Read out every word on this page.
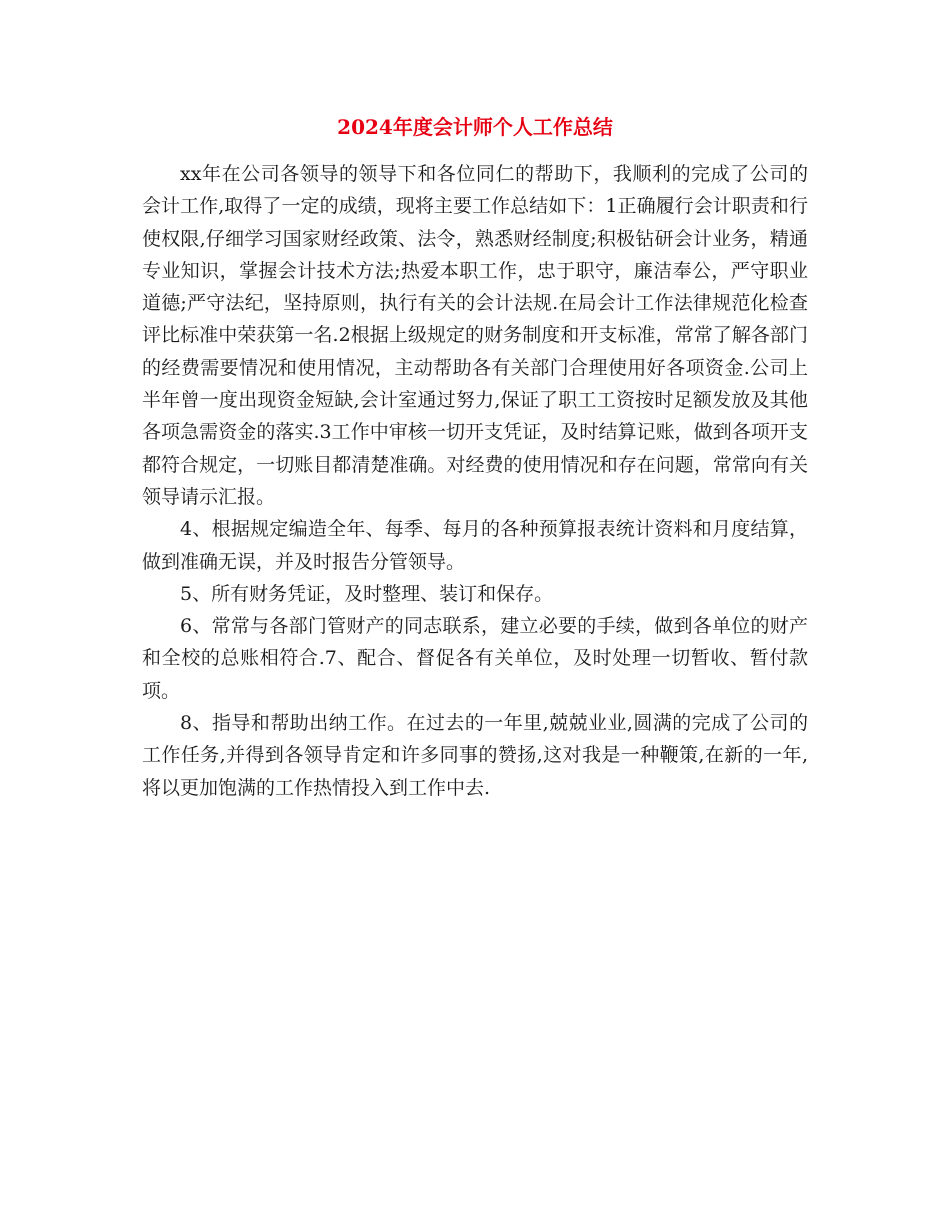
2024年度会计师个人工作总结

xx年在公司各领导的领导下和各位同仁的帮助下，我顺利的完成了公司的会计工作,取得了一定的成绩，现将主要工作总结如下：1正确履行会计职责和行使权限,仔细学习国家财经政策、法令，熟悉财经制度;积极钻研会计业务，精通专业知识，掌握会计技术方法;热爱本职工作，忠于职守，廉洁奉公，严守职业道德;严守法纪，坚持原则，执行有关的会计法规.在局会计工作法律规范化检查评比标准中荣获第一名.2根据上级规定的财务制度和开支标准，常常了解各部门的经费需要情况和使用情况，主动帮助各有关部门合理使用好各项资金.公司上半年曾一度出现资金短缺,会计室通过努力,保证了职工工资按时足额发放及其他各项急需资金的落实.3工作中审核一切开支凭证，及时结算记账，做到各项开支都符合规定，一切账目都清楚准确。对经费的使用情况和存在问题，常常向有关领导请示汇报。

4、根据规定编造全年、每季、每月的各种预算报表统计资料和月度结算，做到准确无误，并及时报告分管领导。

5、所有财务凭证，及时整理、装订和保存。

6、常常与各部门管财产的同志联系，建立必要的手续，做到各单位的财产和全校的总账相符合.7、配合、督促各有关单位，及时处理一切暂收、暂付款项。

8、指导和帮助出纳工作。在过去的一年里,兢兢业业,圆满的完成了公司的工作任务,并得到各领导肯定和许多同事的赞扬,这对我是一种鞭策,在新的一年,将以更加饱满的工作热情投入到工作中去.
